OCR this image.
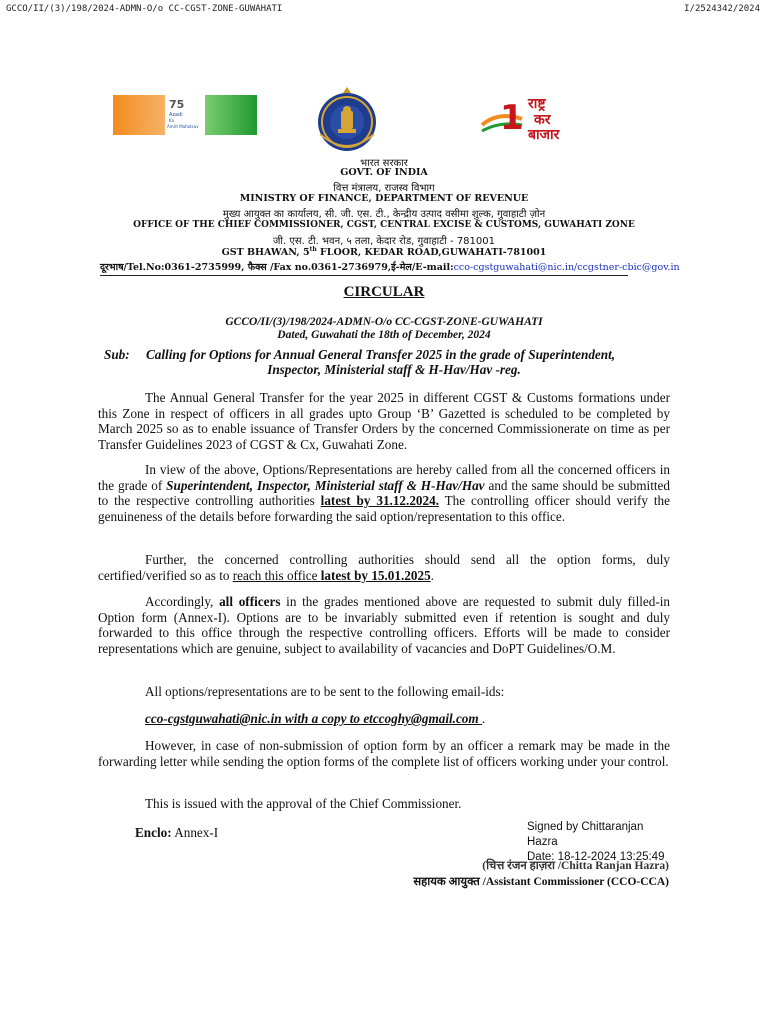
GCCO/II/(3)/198/2024-ADMN-O/o CC-CGST-ZONE-GUWAHATI	I/2524342/2024
75
Azadi
Ka
Amrit Mahotsav	1 राष्ट्र
कर
बाजार
भारत सरकार
GOVT. OF INDIA
वित्त मंत्रालय, राजस्व विभाग
MINISTRY OF FINANCE, DEPARTMENT OF REVENUE
मुख्य आयुक्त का कार्यालय, सी. जी. एस. टी., केन्द्रीय उत्पाद वसीमा शुल्क, गुवाहाटी ज़ोन
OFFICE OF THE CHIEF COMMISSIONER, CGST, CENTRAL EXCISE & CUSTOMS, GUWAHATI ZONE
जी. एस. टी. भवन, ५ तला, केदार रोड, गुवाहाटी - 781001
GST BHAWAN, 5th FLOOR, KEDAR ROAD,GUWAHATI-781001
दूरभाष/Tel.No:0361-2735999, फैक्स /Fax no.0361-2736979,ई-मेल/E-mail:cco-cgstguwahati@nic.in/ccgstner-cbic@gov.in
CIRCULAR
GCCO/II/(3)/198/2024-ADMN-O/o CC-CGST-ZONE-GUWAHATI
Dated, Guwahati the 18th of December, 2024
Sub: Calling for Options for Annual General Transfer 2025 in the grade of Superintendent,
Inspector, Ministerial staff & H-Hav/Hav -reg.

The Annual General Transfer for the year 2025 in different CGST & Customs formations under this Zone in respect of officers in all grades upto Group ‘B’ Gazetted is scheduled to be completed by March 2025 so as to enable issuance of Transfer Orders by the concerned Commissionerate on time as per Transfer Guidelines 2023 of CGST & Cx, Guwahati Zone.

In view of the above, Options/Representations are hereby called from all the concerned officers in the grade of Superintendent, Inspector, Ministerial staff & H-Hav/Hav and the same should be submitted to the respective controlling authorities latest by 31.12.2024. The controlling officer should verify the genuineness of the details before forwarding the said option/representation to this office.

Further, the concerned controlling authorities should send all the option forms, duly certified/verified so as to reach this office latest by 15.01.2025.

Accordingly, all officers in the grades mentioned above are requested to submit duly filled-in Option form (Annex-I). Options are to be invariably submitted even if retention is sought and duly forwarded to this office through the respective controlling officers. Efforts will be made to consider representations which are genuine, subject to availability of vacancies and DoPT Guidelines/O.M.

All options/representations are to be sent to the following email-ids:

cco-cgstguwahati@nic.in with a copy to etccoghy@gmail.com .

However, in case of non-submission of option form by an officer a remark may be made in the forwarding letter while sending the option forms of the complete list of officers working under your control.

This is issued with the approval of the Chief Commissioner.

Enclo: Annex-I	Signed by Chittaranjan
Hazra
Date: 18-12-2024 13:25:49
(चित्त रंजन हाज़रा /Chitta Ranjan Hazra)
सहायक आयुक्त /Assistant Commissioner (CCO-CCA)
